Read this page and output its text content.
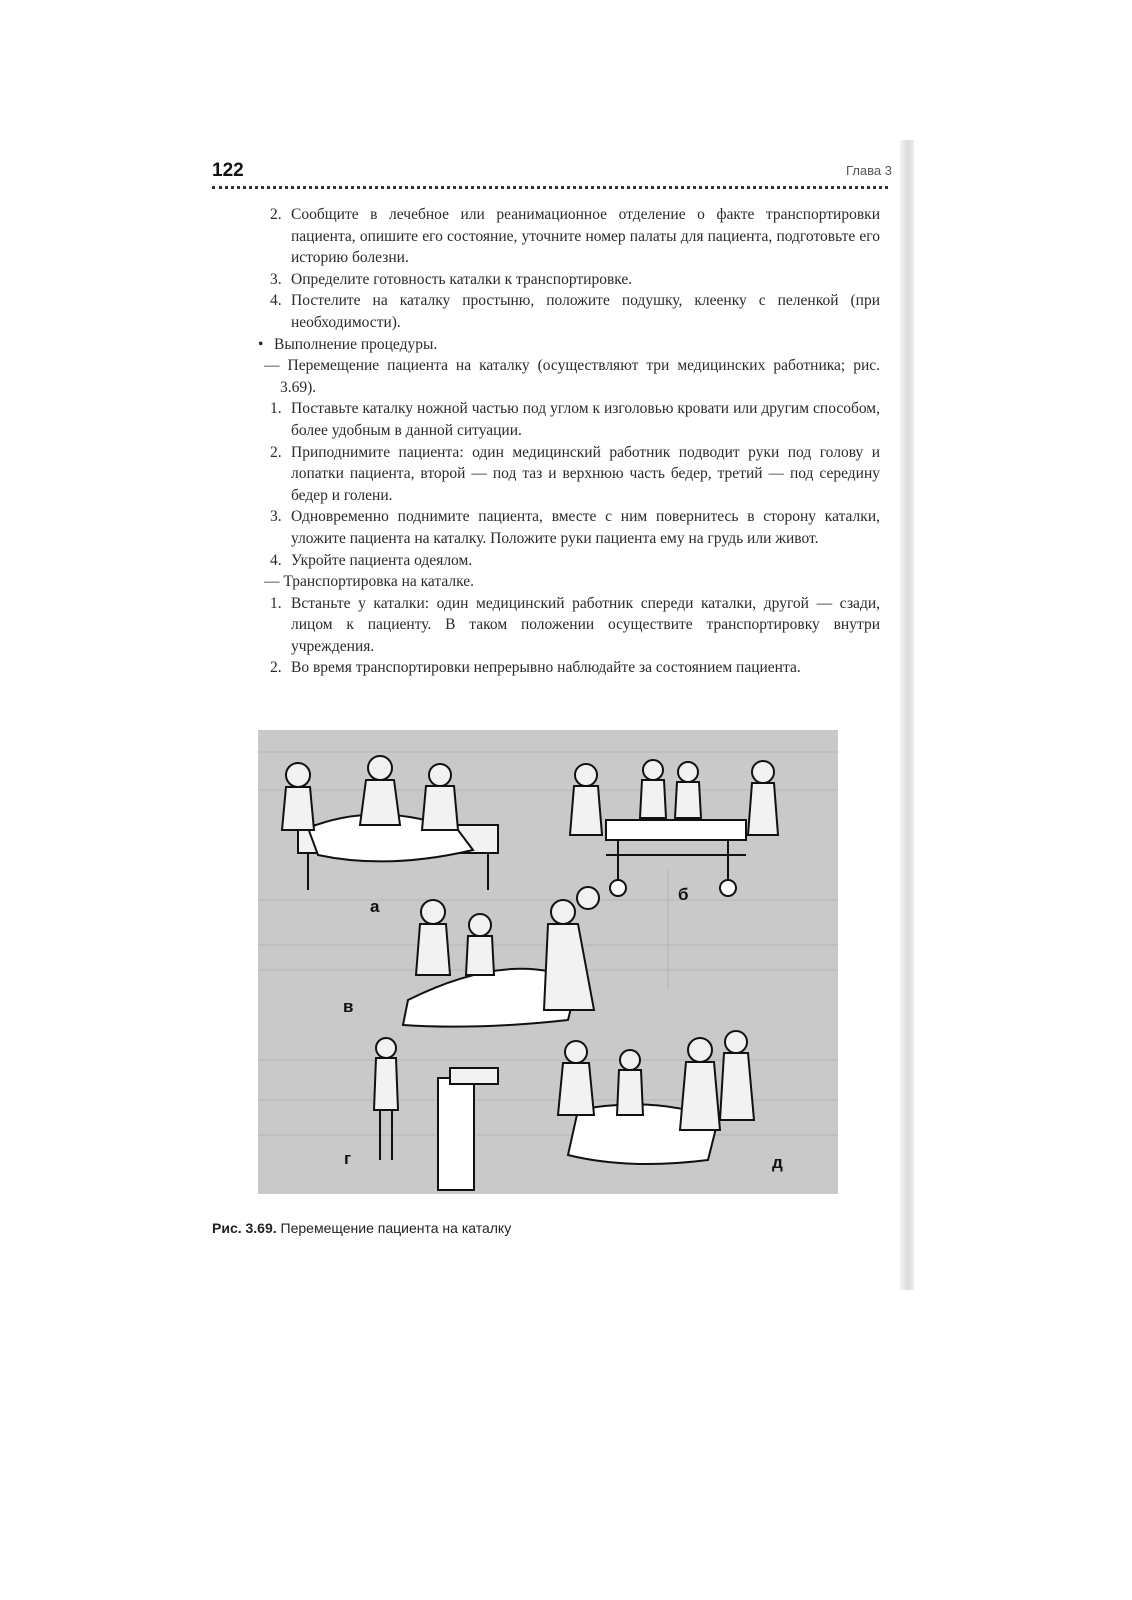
122	Глава 3

2. Сообщите в лечебное или реанимационное отделение о факте транспортировки пациента, опишите его состояние, уточните номер палаты для пациента, подготовьте его историю болезни.

3. Определите готовность каталки к транспортировке.

4. Постелите на каталку простыню, положите подушку, клеенку с пеленкой (при необходимости).

• Выполнение процедуры.

— Перемещение пациента на каталку (осуществляют три медицинских работника; рис. 3.69).

1. Поставьте каталку ножной частью под углом к изголовью кровати или другим способом, более удобным в данной ситуации.

2. Приподнимите пациента: один медицинский работник подводит руки под голову и лопатки пациента, второй — под таз и верхнюю часть бедер, третий — под середину бедер и голени.

3. Одновременно поднимите пациента, вместе с ним повернитесь в сторону каталки, уложите пациента на каталку. Положите руки пациента ему на грудь или живот.

4. Укройте пациента одеялом.

— Транспортировка на каталке.

1. Встаньте у каталки: один медицинский работник спереди каталки, другой — сзади, лицом к пациенту. В таком положении осуществите транспортировку внутри учреждения.

2. Во время транспортировки непрерывно наблюдайте за состоянием пациента.

а
б
в
г	д
Рис. 3.69. Перемещение пациента на каталку
